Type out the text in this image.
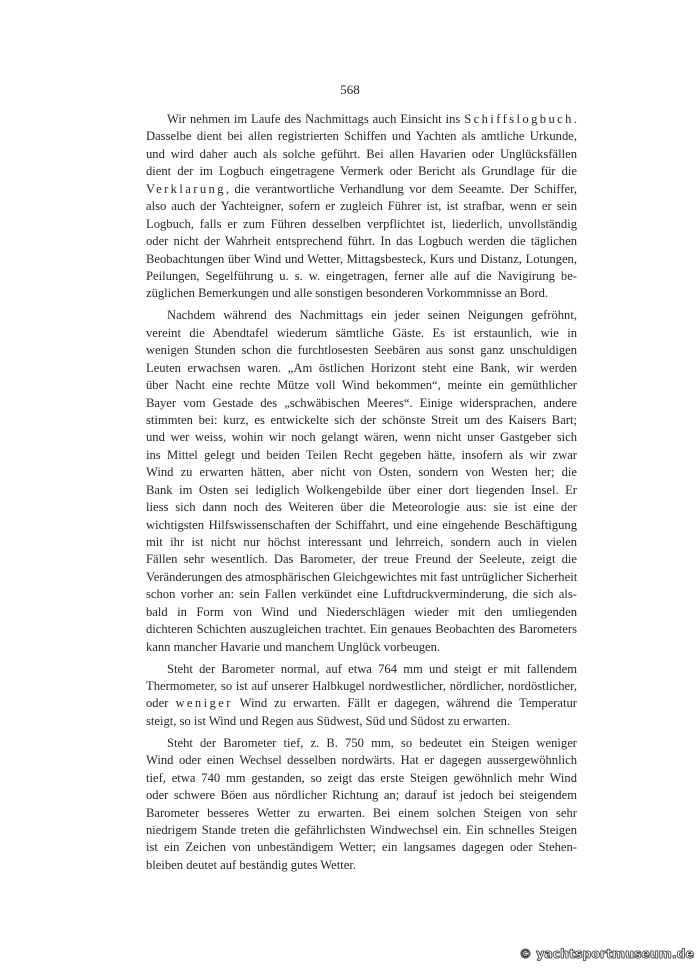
568
Wir nehmen im Laufe des Nachmittags auch Einsicht ins Schiffslogbuch.
Dasselbe dient bei allen registrierten Schiffen und Yachten als amtliche Urkunde,
und wird daher auch als solche geführt. Bei allen Havarien oder Unglücksfällen
dient der im Logbuch eingetragene Vermerk oder Bericht als Grundlage für die
Verklarung, die verantwortliche Verhandlung vor dem Seeamte. Der Schiffer,
also auch der Yachteigner, sofern er zugleich Führer ist, ist strafbar, wenn er sein
Logbuch, falls er zum Führen desselben verpflichtet ist, liederlich, unvollständig
oder nicht der Wahrheit entsprechend führt. In das Logbuch werden die täglichen
Beobachtungen über Wind und Wetter, Mittagsbesteck, Kurs und Distanz, Lotungen,
Peilungen, Segelführung u. s. w. eingetragen, ferner alle auf die Navigirung be-
züglichen Bemerkungen und alle sonstigen besonderen Vorkommnisse an Bord.
Nachdem während des Nachmittags ein jeder seinen Neigungen gefröhnt,
vereint die Abendtafel wiederum sämtliche Gäste. Es ist erstaunlich, wie in
wenigen Stunden schon die furchtlosesten Seebären aus sonst ganz unschuldigen
Leuten erwachsen waren. „Am östlichen Horizont steht eine Bank, wir werden
über Nacht eine rechte Mütze voll Wind bekommen“, meinte ein gemüthlicher
Bayer vom Gestade des „schwäbischen Meeres“. Einige widersprachen, andere
stimmten bei: kurz, es entwickelte sich der schönste Streit um des Kaisers Bart;
und wer weiss, wohin wir noch gelangt wären, wenn nicht unser Gastgeber sich
ins Mittel gelegt und beiden Teilen Recht gegeben hätte, insofern als wir zwar
Wind zu erwarten hätten, aber nicht von Osten, sondern von Westen her; die
Bank im Osten sei lediglich Wolkengebilde über einer dort liegenden Insel. Er
liess sich dann noch des Weiteren über die Meteorologie aus: sie ist eine der
wichtigsten Hilfswissenschaften der Schiffahrt, und eine eingehende Beschäftigung
mit ihr ist nicht nur höchst interessant und lehrreich, sondern auch in vielen
Fällen sehr wesentlich. Das Barometer, der treue Freund der Seeleute, zeigt die
Veränderungen des atmosphärischen Gleichgewichtes mit fast untrüglicher Sicherheit
schon vorher an: sein Fallen verkündet eine Luftdruckverminderung, die sich als-
bald in Form von Wind und Niederschlägen wieder mit den umliegenden
dichteren Schichten auszugleichen trachtet. Ein genaues Beobachten des Barometers
kann mancher Havarie und manchem Unglück vorbeugen.
Steht der Barometer normal, auf etwa 764 mm und steigt er mit fallendem
Thermometer, so ist auf unserer Halbkugel nordwestlicher, nördlicher, nordöstlicher,
oder weniger Wind zu erwarten. Fällt er dagegen, während die Temperatur
steigt, so ist Wind und Regen aus Südwest, Süd und Südost zu erwarten.
Steht der Barometer tief, z. B. 750 mm, so bedeutet ein Steigen weniger
Wind oder einen Wechsel desselben nordwärts. Hat er dagegen aussergewöhnlich
tief, etwa 740 mm gestanden, so zeigt das erste Steigen gewöhnlich mehr Wind
oder schwere Böen aus nördlicher Richtung an; darauf ist jedoch bei steigendem
Barometer besseres Wetter zu erwarten. Bei einem solchen Steigen von sehr
niedrigem Stande treten die gefährlichsten Windwechsel ein. Ein schnelles Steigen
ist ein Zeichen von unbeständigem Wetter; ein langsames dagegen oder Stehen-
bleiben deutet auf beständig gutes Wetter.
© yachtsportmuseum.de
